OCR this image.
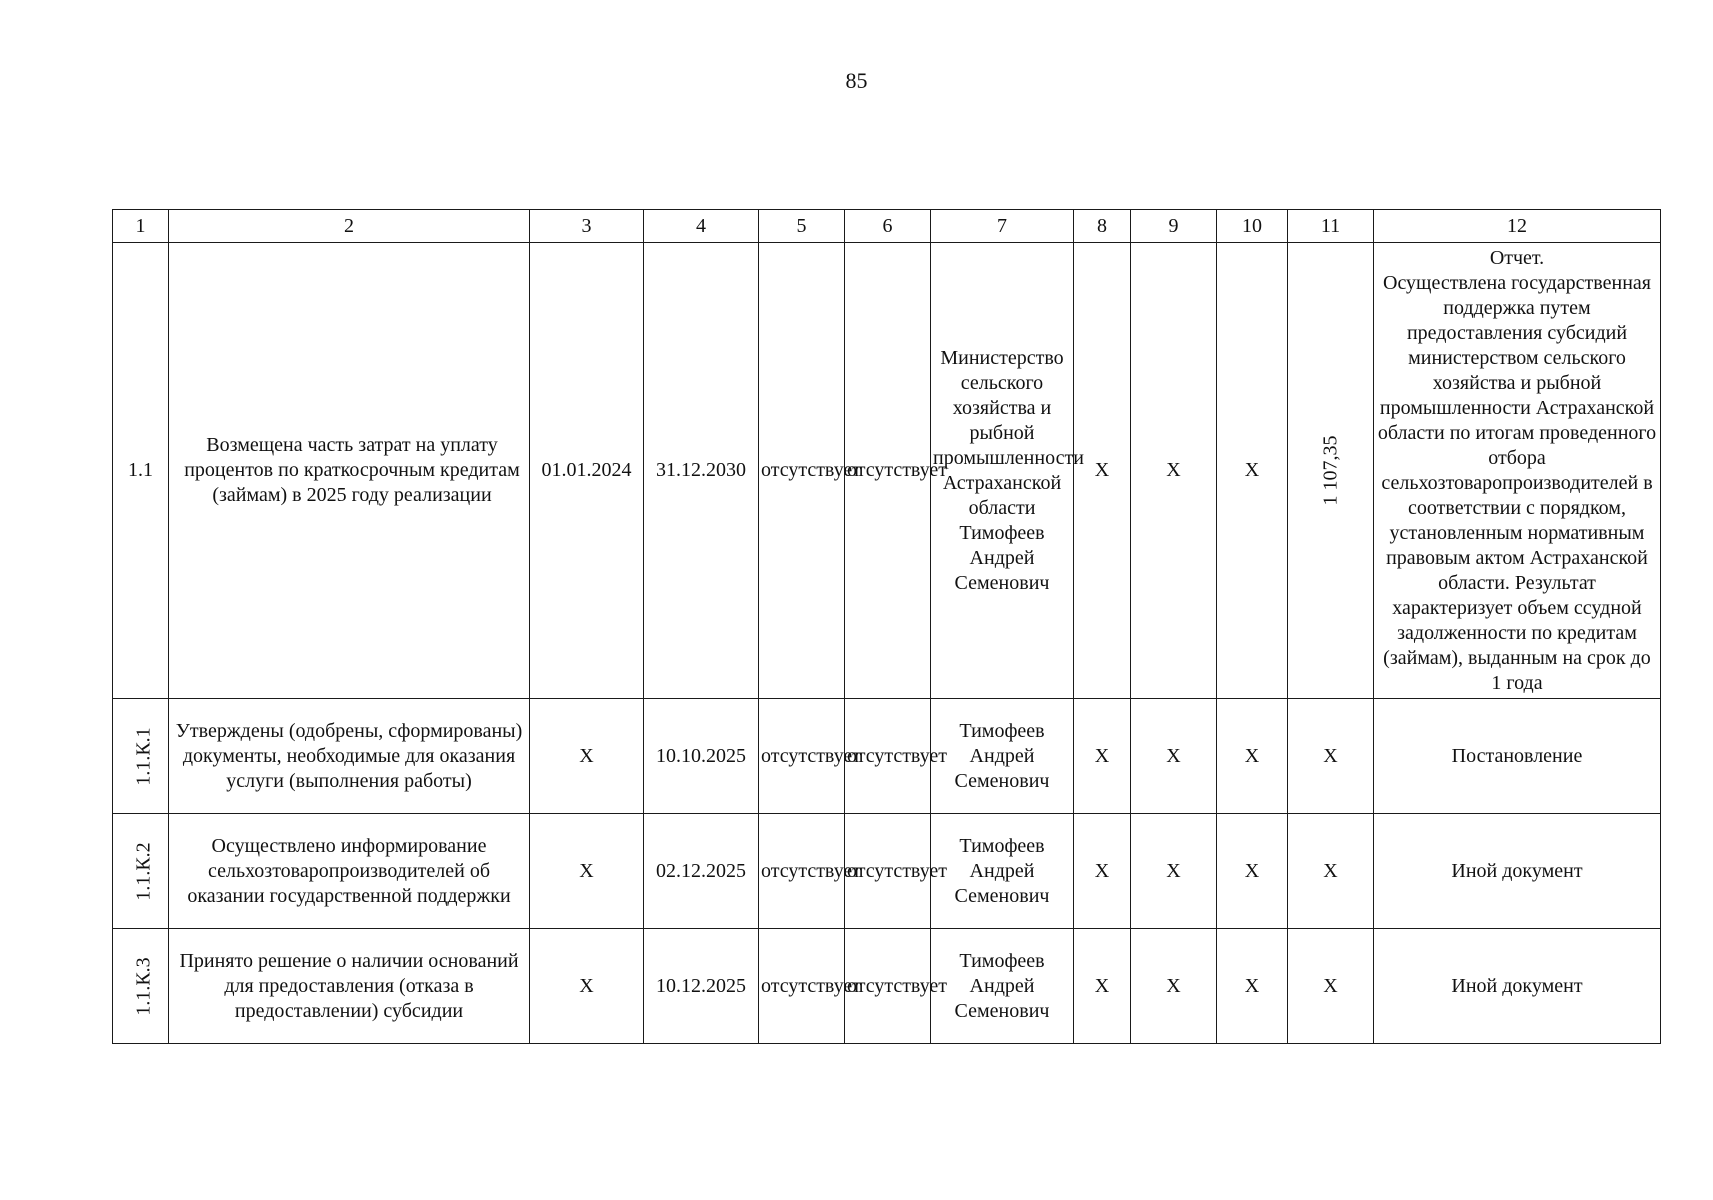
85
1	2	3	4	5	6	7	8	9	10	11	12
1.1	Возмещена часть затрат на уплату процентов по краткосрочным кредитам (займам) в 2025 году реализации	01.01.2024	31.12.2030	отсутствует	отсутствует	Министерство сельского хозяйства и рыбной промышленности Астраханской области Тимофеев Андрей Семенович	X	X	X	1 107,35	Отчет.
Осуществлена государственная поддержка путем предоставления субсидий министерством сельского хозяйства и рыбной промышленности Астраханской области по итогам проведенного отбора сельхозтоваропроизводителей в соответствии с порядком, установленным нормативным правовым актом Астраханской области. Результат характеризует объем ссудной задолженности по кредитам (займам), выданным на срок до 1 года

1.1.К.1	Утверждены (одобрены, сформированы) документы, необходимые для оказания услуги (выполнения работы)	X	10.10.2025	отсутствует	отсутствует	Тимофеев Андрей Семенович	X	X	X	X	Постановление
1.1.К.2	Осуществлено информирование сельхозтоваропроизводителей об оказании государственной поддержки	X	02.12.2025	отсутствует	отсутствует	Тимофеев Андрей Семенович	X	X	X	X	Иной документ
1.1.К.3	Принято решение о наличии оснований для предоставления (отказа в предоставлении) субсидии	X	10.12.2025	отсутствует	отсутствует	Тимофеев Андрей Семенович	X	X	X	X	Иной документ
